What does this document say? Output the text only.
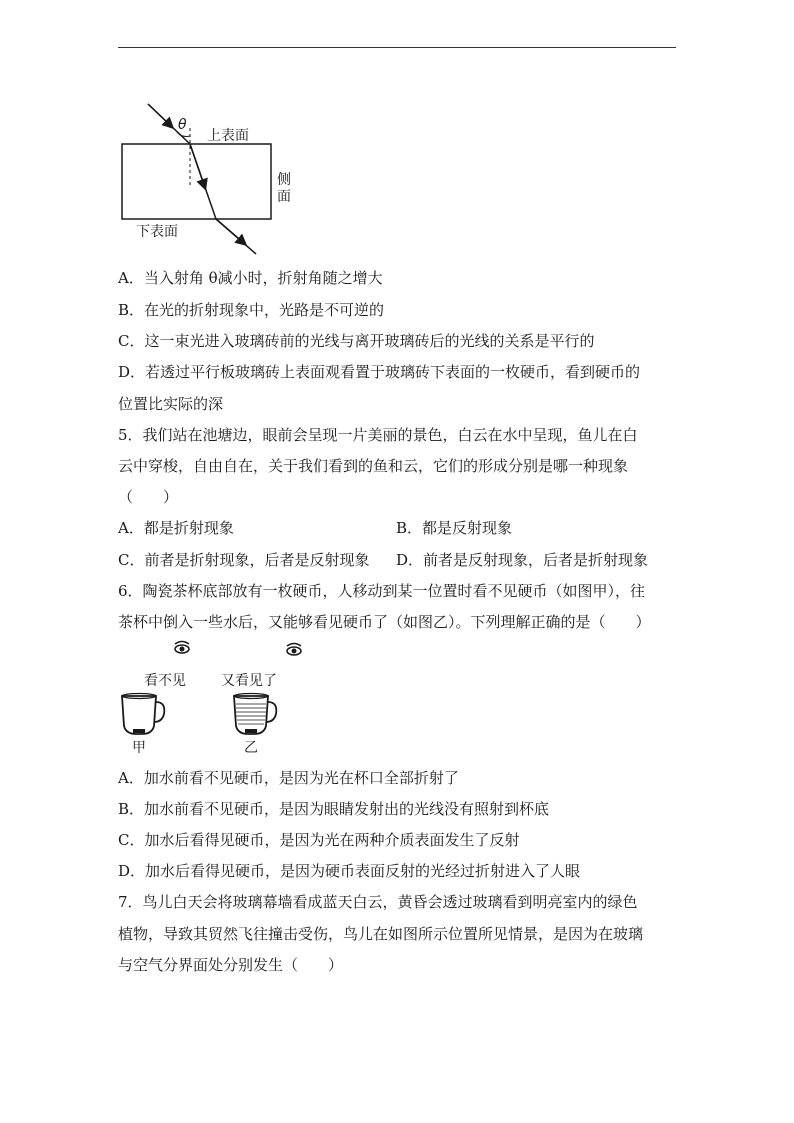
θ
上表面
侧
面
下表面
A．当入射角 θ减小时，折射角随之增大
B．在光的折射现象中，光路是不可逆的
C．这一束光进入玻璃砖前的光线与离开玻璃砖后的光线的关系是平行的
D．若透过平行板玻璃砖上表面观看置于玻璃砖下表面的一枚硬币，看到硬币的
位置比实际的深
5．我们站在池塘边，眼前会呈现一片美丽的景色，白云在水中呈现，鱼儿在白
云中穿梭，自由自在，关于我们看到的鱼和云，它们的形成分别是哪一种现象
（　　）
A．都是折射现象	B．都是反射现象
C．前者是折射现象，后者是反射现象 D．前者是反射现象，后者是折射现象
6．陶瓷茶杯底部放有一枚硬币，人移动到某一位置时看不见硬币（如图甲），往
茶杯中倒入一些水后，又能够看见硬币了（如图乙）。下列理解正确的是（　　）
看不见	又看见了
甲	乙
A．加水前看不见硬币，是因为光在杯口全部折射了
B．加水前看不见硬币，是因为眼睛发射出的光线没有照射到杯底
C．加水后看得见硬币，是因为光在两种介质表面发生了反射
D．加水后看得见硬币，是因为硬币表面反射的光经过折射进入了人眼
7．鸟儿白天会将玻璃幕墙看成蓝天白云，黄昏会透过玻璃看到明亮室内的绿色
植物，导致其贸然飞往撞击受伤，鸟儿在如图所示位置所见情景，是因为在玻璃
与空气分界面处分别发生（　　）
